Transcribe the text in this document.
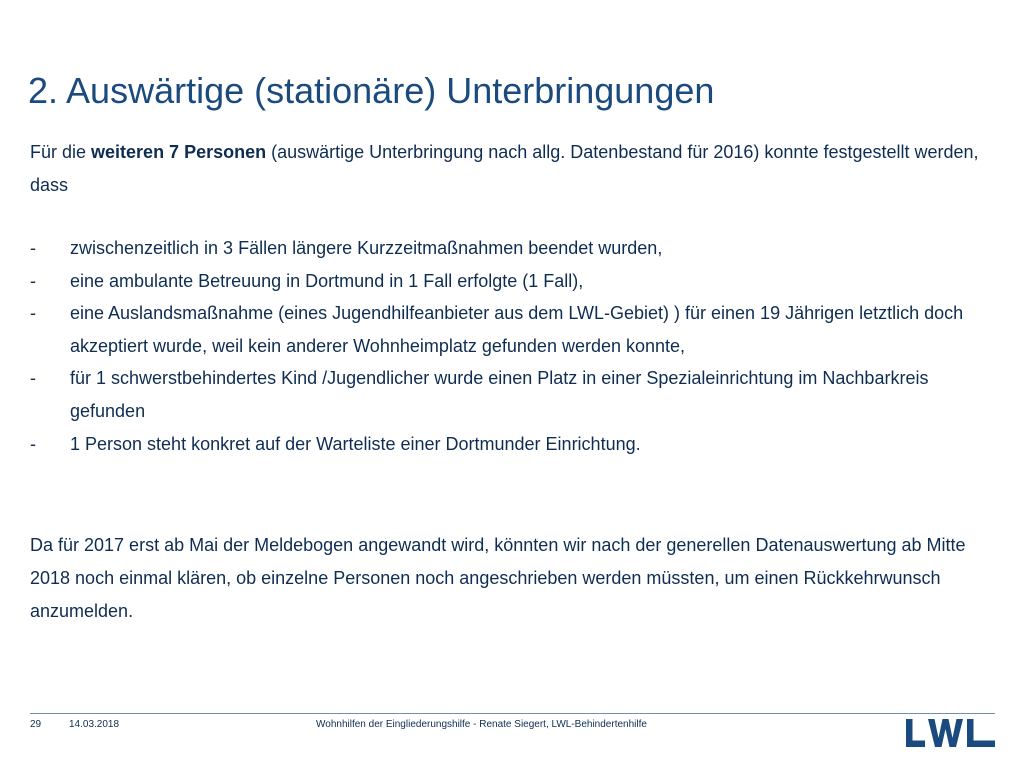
2. Auswärtige (stationäre) Unterbringungen

Für die weiteren 7 Personen (auswärtige Unterbringung nach allg. Datenbestand für 2016) konnte festgestellt werden, dass

- zwischenzeitlich in 3 Fällen längere Kurzzeitmaßnahmen beendet wurden,
- eine ambulante Betreuung in Dortmund in 1 Fall erfolgte (1 Fall),
- eine Auslandsmaßnahme (eines Jugendhilfeanbieter aus dem LWL-Gebiet) ) für einen 19 Jährigen letztlich doch akzeptiert wurde, weil kein anderer Wohnheimplatz gefunden werden konnte,
- für 1 schwerstbehindertes Kind /Jugendlicher wurde einen Platz in einer Spezialeinrichtung im Nachbarkreis gefunden
- 1 Person steht konkret auf der Warteliste einer Dortmunder Einrichtung.

Da für 2017 erst ab Mai der Meldebogen angewandt wird, könnten wir nach der generellen Datenauswertung ab Mitte 2018 noch einmal klären, ob einzelne Personen noch angeschrieben werden müssten, um einen Rückkehrwunsch anzumelden.

29	14.03.2018	Wohnhilfen der Eingliederungshilfe - Renate Siegert, LWL-Behindertenhilfe
